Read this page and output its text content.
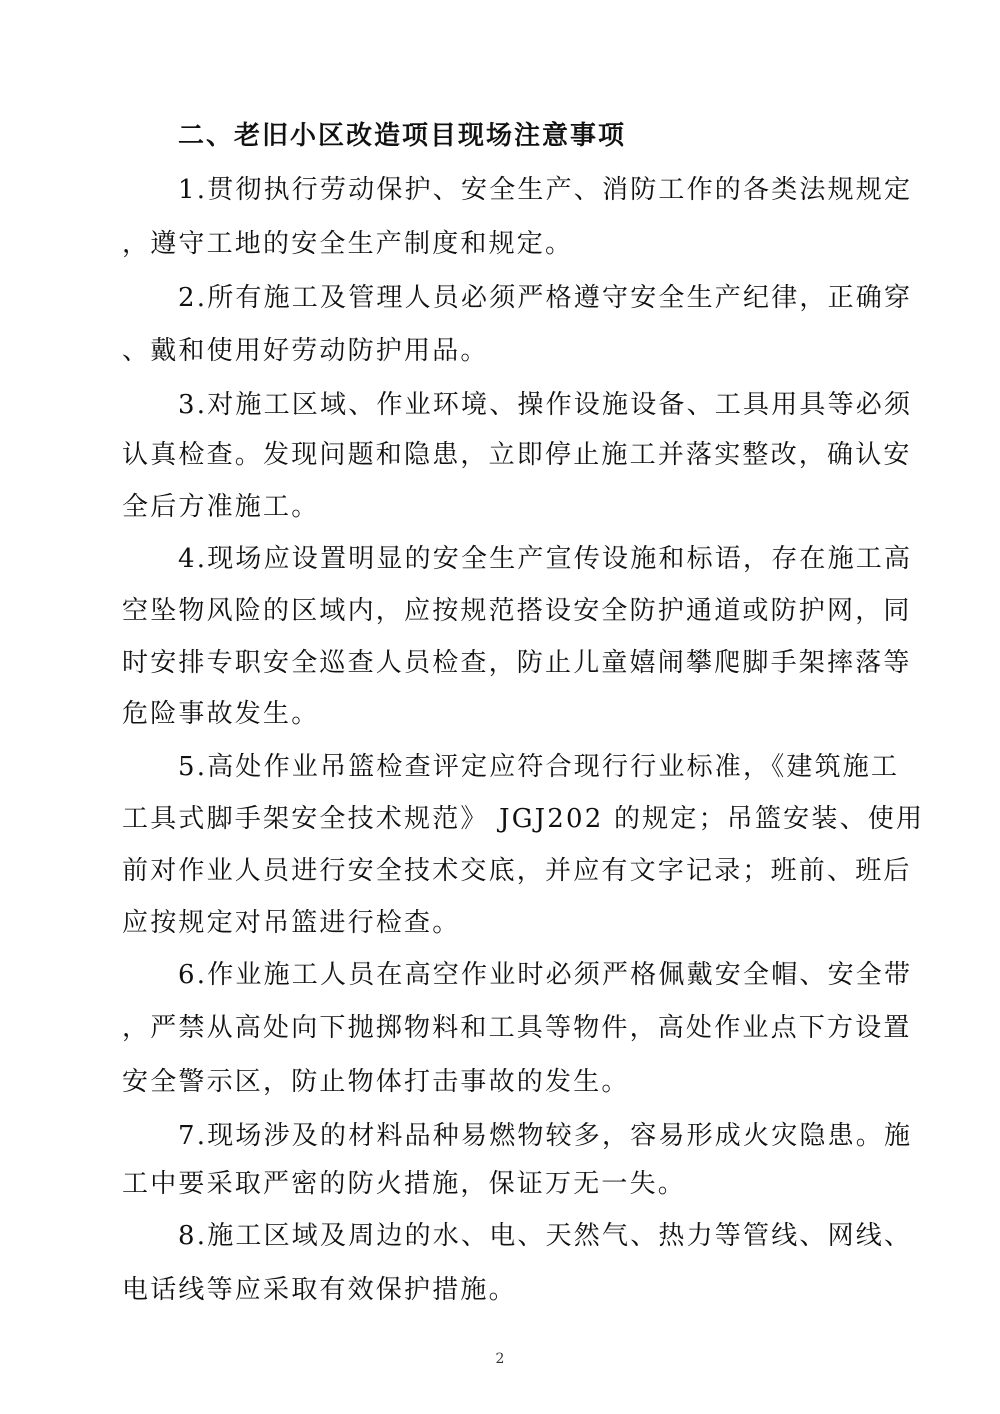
二、老旧小区改造项目现场注意事项
1.贯彻执行劳动保护、安全生产、消防工作的各类法规规定
，遵守工地的安全生产制度和规定。
2.所有施工及管理人员必须严格遵守安全生产纪律，正确穿
、戴和使用好劳动防护用品。
3.对施工区域、作业环境、操作设施设备、工具用具等必须
认真检查。发现问题和隐患，立即停止施工并落实整改，确认安
全后方准施工。
4.现场应设置明显的安全生产宣传设施和标语，存在施工高
空坠物风险的区域内，应按规范搭设安全防护通道或防护网，同
时安排专职安全巡查人员检查，防止儿童嬉闹攀爬脚手架摔落等
危险事故发生。
5.高处作业吊篮检查评定应符合现行行业标准，《建筑施工
工具式脚手架安全技术规范》 JGJ202 的规定；吊篮安装、使用
前对作业人员进行安全技术交底，并应有文字记录；班前、班后
应按规定对吊篮进行检查。
6.作业施工人员在高空作业时必须严格佩戴安全帽、安全带
，严禁从高处向下抛掷物料和工具等物件，高处作业点下方设置
安全警示区，防止物体打击事故的发生。
7.现场涉及的材料品种易燃物较多，容易形成火灾隐患。施
工中要采取严密的防火措施，保证万无一失。
8.施工区域及周边的水、电、天然气、热力等管线、网线、
电话线等应采取有效保护措施。
2
